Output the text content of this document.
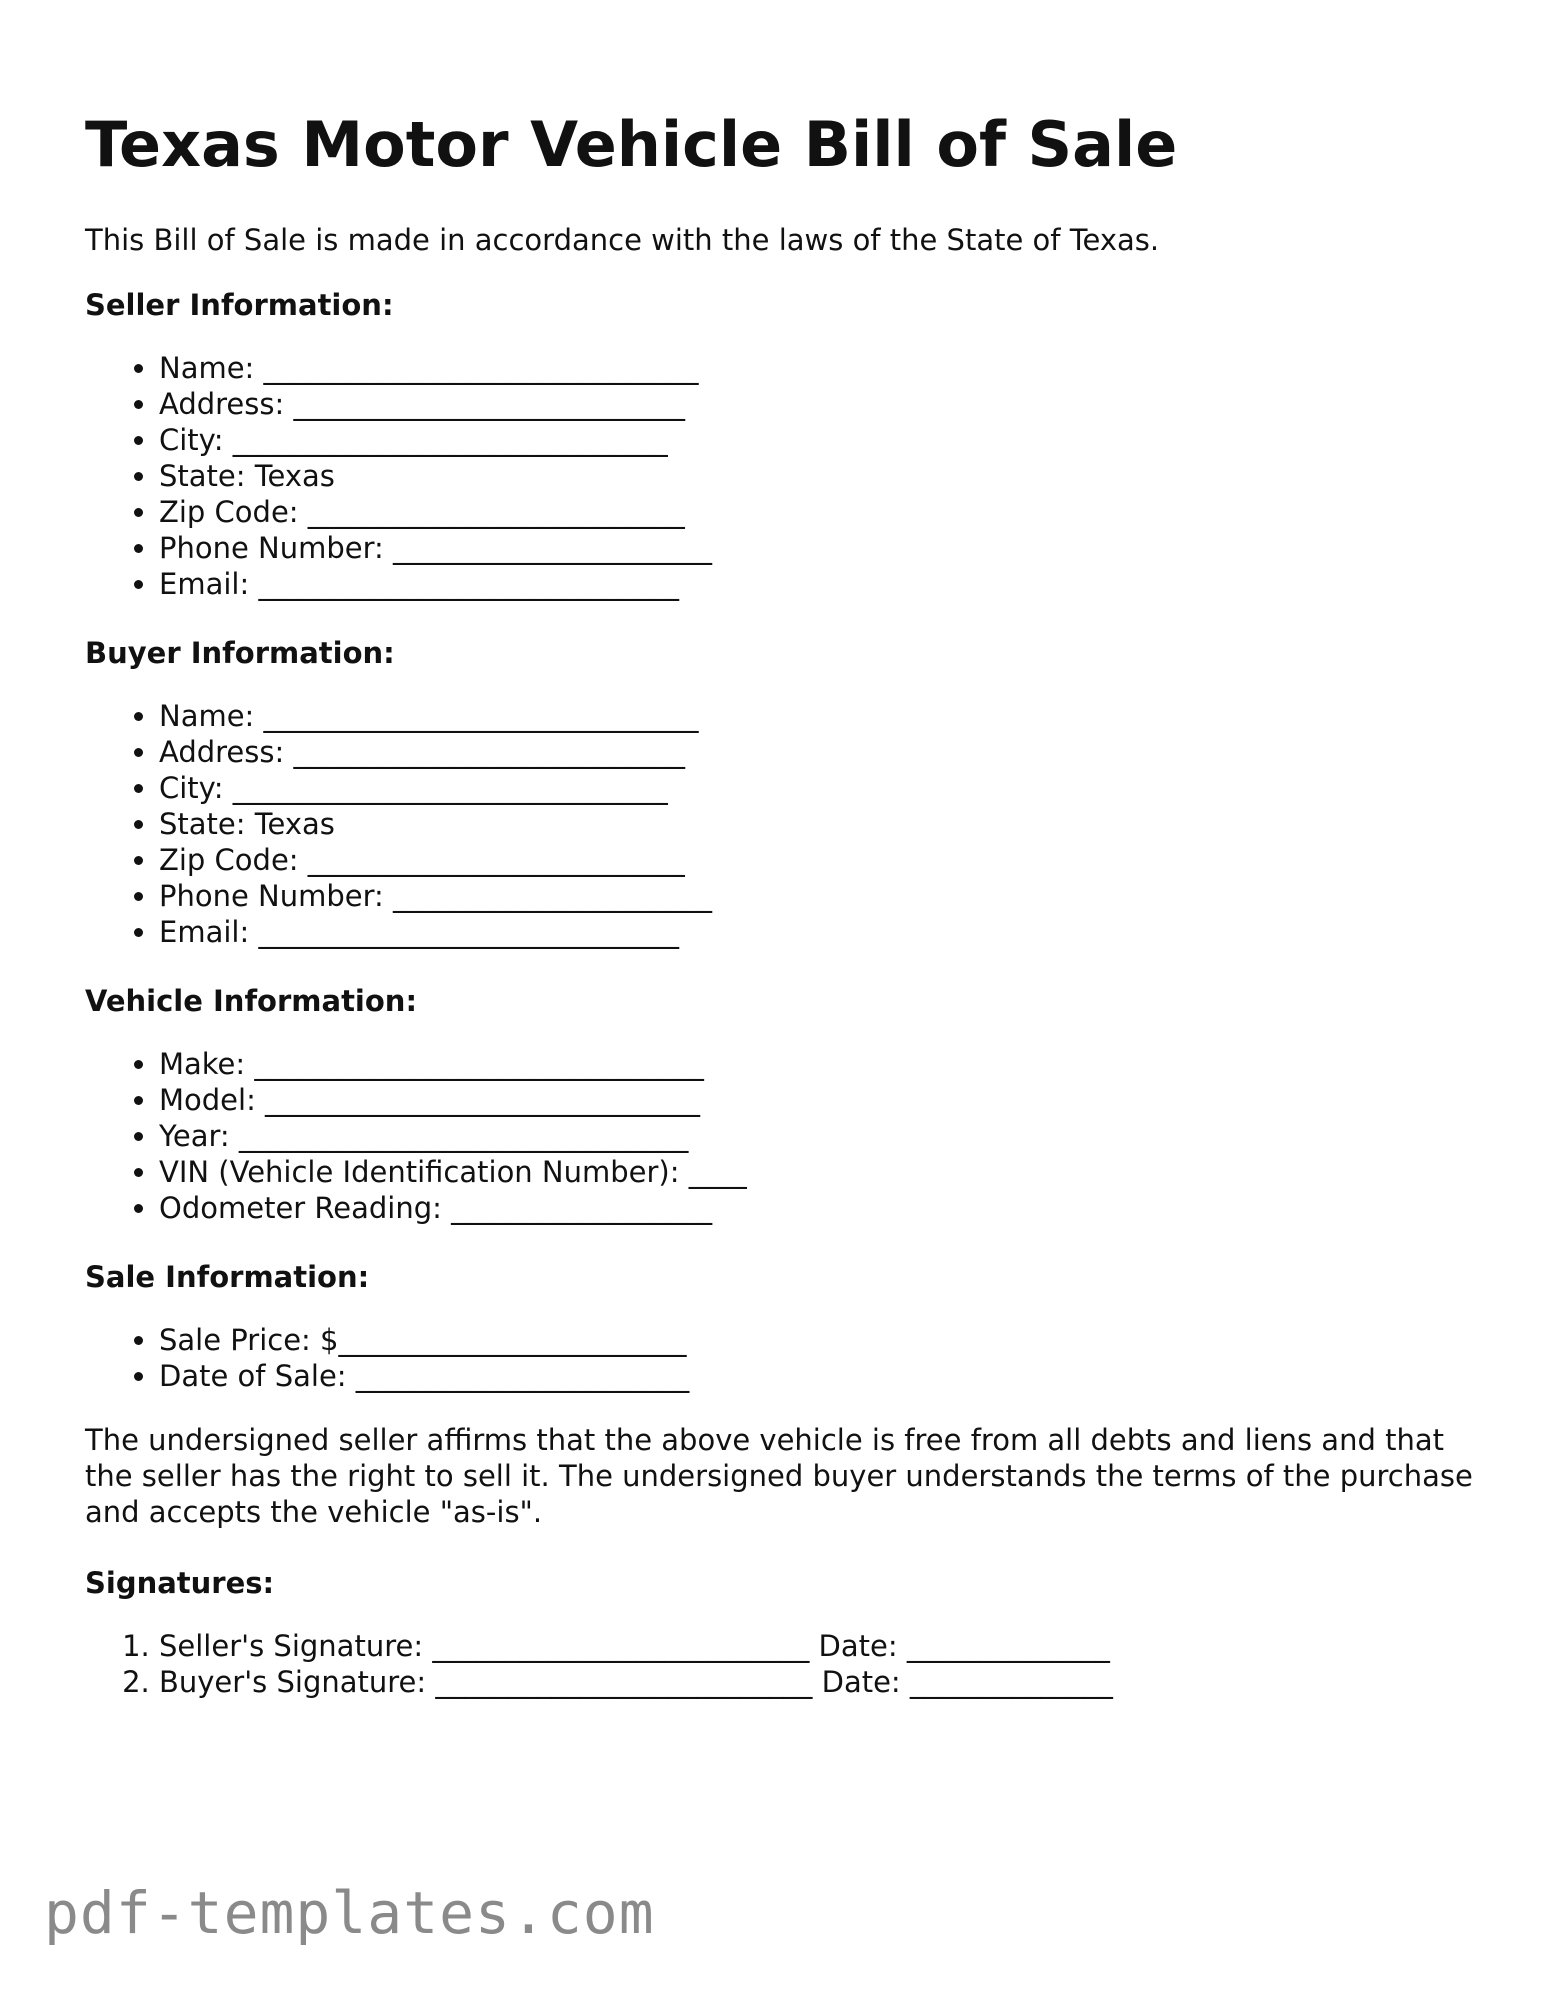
Texas Motor Vehicle Bill of Sale

This Bill of Sale is made in accordance with the laws of the State of Texas.

Seller Information:
• Name: ______________________________
• Address: ___________________________
• City: ______________________________
• State: Texas
• Zip Code: __________________________
• Phone Number: ______________________
• Email: _____________________________
Buyer Information:
• Name: ______________________________
• Address: ___________________________
• City: ______________________________
• State: Texas
• Zip Code: __________________________
• Phone Number: ______________________
• Email: _____________________________
Vehicle Information:
• Make: _______________________________
• Model: ______________________________
• Year: _______________________________
• VIN (Vehicle Identification Number): ____
• Odometer Reading: __________________
Sale Information:
• Sale Price: $________________________
• Date of Sale: _______________________

The undersigned seller affirms that the above vehicle is free from all debts and liens and that the seller has the right to sell it. The undersigned buyer understands the terms of the purchase and accepts the vehicle "as-is".

Signatures:
1. Seller's Signature: __________________________ Date: ______________
2. Buyer's Signature: __________________________ Date: ______________
pdf-templates.com
